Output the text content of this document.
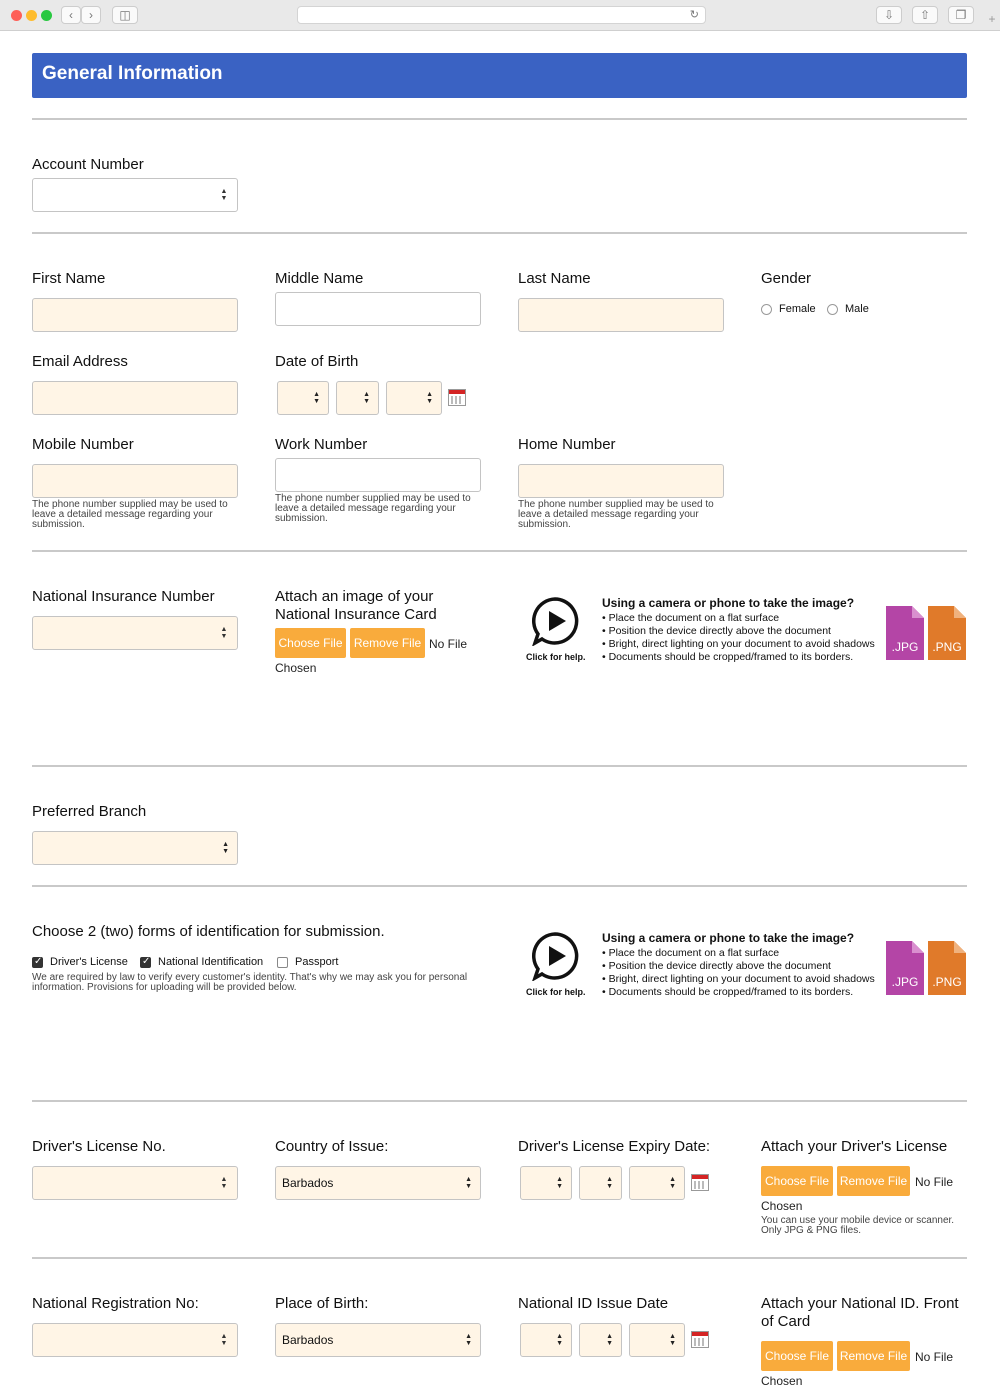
‹	›	◫	↻	⇩	⇧	❐	+
General Information
Account Number
▲
▼
First Name	Middle Name	Last Name	Gender
Female	Male
Email Address	Date of Birth
▲
▼
▲
▼
▲
▼
Mobile Number
The phone number supplied may be used to leave a detailed message regarding your submission.
Work Number
The phone number supplied may be used to leave a detailed message regarding your submission.
Home Number
The phone number supplied may be used to leave a detailed message regarding your submission.
National Insurance Number
▲
▼
Attach an image of your National Insurance Card
Choose File Remove File No File
Chosen
Click for help.
Using a camera or phone to take the image?
• Place the document on a flat surface
• Position the device directly above the document
• Bright, direct lighting on your document to avoid shadows
• Documents should be cropped/framed to its borders.
.JPG	.PNG
Preferred Branch
▲
▼
Choose 2 (two) forms of identification for submission.
✓
Driver's License
✓	National Identification	Passport
We are required by law to verify every customer's identity. That's why we may ask you for personal information. Provisions for uploading will be provided below.	Click for help.
Using a camera or phone to take the image?
• Place the document on a flat surface
• Position the device directly above the document
• Bright, direct lighting on your document to avoid shadows
• Documents should be cropped/framed to its borders.
.JPG	.PNG
Driver's License No.
▲
▼
Country of Issue:
Barbados	▲
▼
Driver's License Expiry Date:
▲
▼
▲
▼
▲
▼
Attach your Driver's License
Choose File Remove File No File
Chosen
You can use your mobile device or scanner. Only JPG & PNG files.
National Registration No:
▲
▼
Place of Birth:
Barbados	▲
▼
National ID Issue Date
▲
▼
▲
▼
▲
▼
Attach your National ID. Front of Card
Choose File Remove File No File
Chosen
